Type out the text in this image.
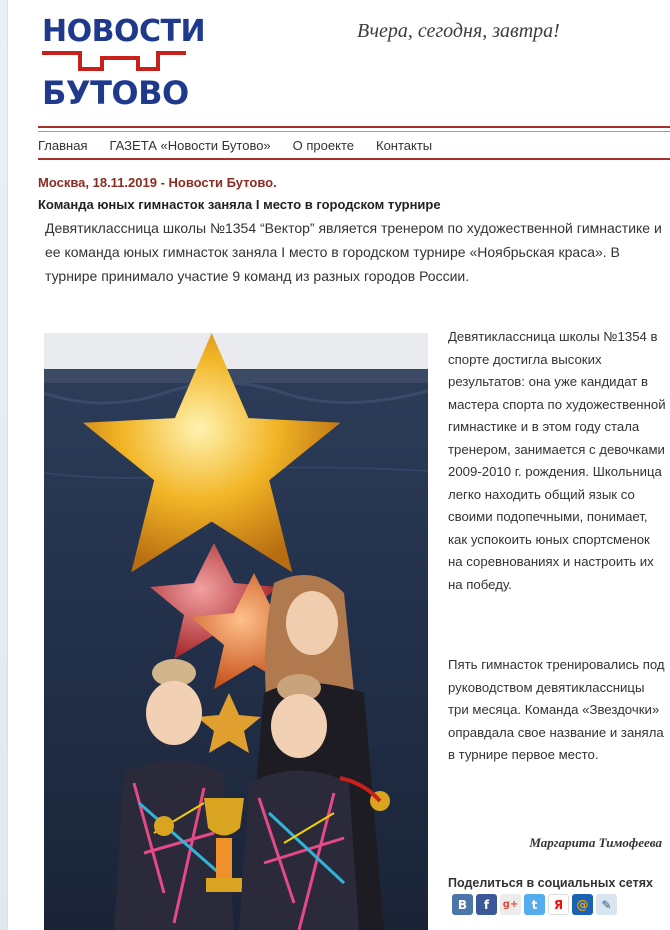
НОВОСТИ
БУТОВО
Вчера, сегодня, завтра!
Главная	ГАЗЕТА «Новости Бутово»	О проекте	Контакты
Москва, 18.11.2019 - Новости Бутово.
Команда юных гимнасток заняла I место в городском турнире

Девятиклассница школы №1354 “Вектор” является тренером по художественной гимнастике и ее команда юных гимнасток заняла I место в городском турнире «Ноябрьская краса». В турнире принимало участие 9 команд из разных городов России.

Девятиклассница школы №1354 в спорте достигла высоких результатов: она уже кандидат в мастера спорта по художественной гимнастике и в этом году стала тренером, занимается с девочками 2009-2010 г. рождения. Школьница легко находить общий язык со своими подопечными, понимает, как успокоить юных спортсменок на соревнованиях и настроить их на победу.

Пять гимнасток тренировались под руководством девятиклассницы три месяца. Команда «Звездочки» оправдала свое название и заняла в турнире первое место.

Маргарита Тимофеева
Поделиться в социальных сетях
B	f	g+	t	Я	@	✎
